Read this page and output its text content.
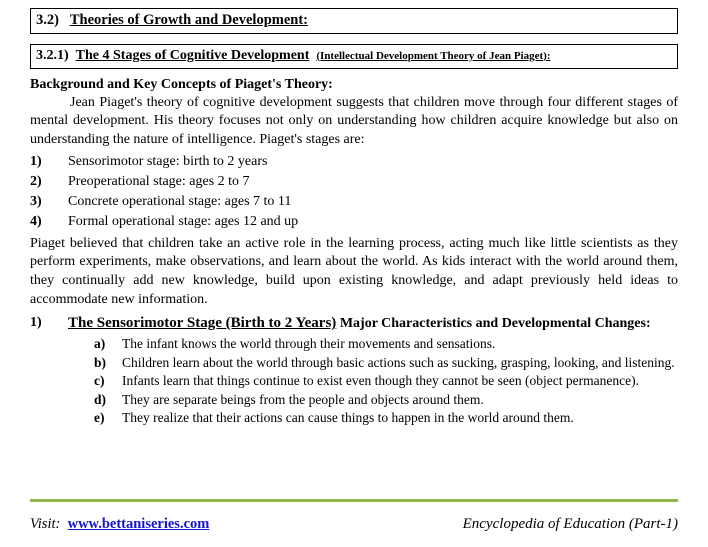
3.2) Theories of Growth and Development:
3.2.1) The 4 Stages of Cognitive Development (Intellectual Development Theory of Jean Piaget):
Background and Key Concepts of Piaget's Theory:

Jean Piaget's theory of cognitive development suggests that children move through four different stages of mental development. His theory focuses not only on understanding how children acquire knowledge but also on understanding the nature of intelligence. Piaget's stages are:

1)	Sensorimotor stage: birth to 2 years
2)	Preoperational stage: ages 2 to 7
3)	Concrete operational stage: ages 7 to 11
4)	Formal operational stage: ages 12 and up

Piaget believed that children take an active role in the learning process, acting much like little scientists as they perform experiments, make observations, and learn about the world. As kids interact with the world around them, they continually add new knowledge, build upon existing knowledge, and adapt previously held ideas to accommodate new information.

1)	The Sensorimotor Stage (Birth to 2 Years) Major Characteristics and Developmental Changes:
a)	The infant knows the world through their movements and sensations.
b)	Children learn about the world through basic actions such as sucking, grasping, looking, and listening.
c)	Infants learn that things continue to exist even though they cannot be seen (object permanence).
d)	They are separate beings from the people and objects around them.
e)	They realize that their actions can cause things to happen in the world around them.
Visit: www.bettaniseries.com	Encyclopedia of Education (Part-1)
